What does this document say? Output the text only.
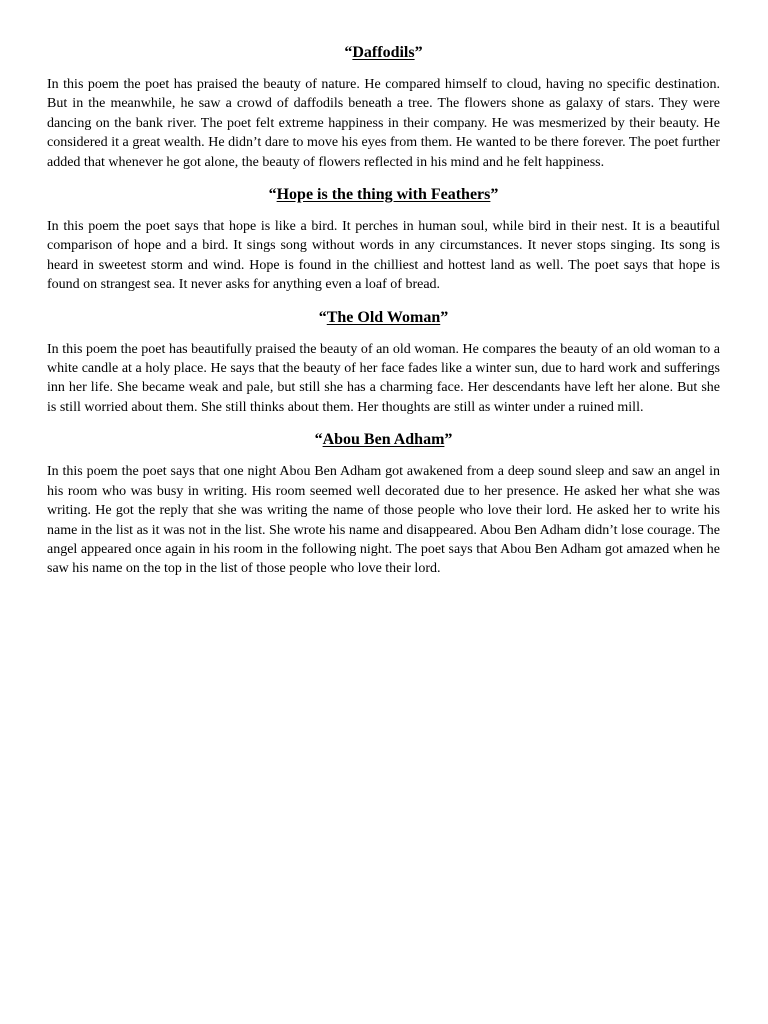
“Daffodils”

In this poem the poet has praised the beauty of nature. He compared himself to cloud, having no specific destination. But in the meanwhile, he saw a crowd of daffodils beneath a tree. The flowers shone as galaxy of stars. They were dancing on the bank river. The poet felt extreme happiness in their company. He was mesmerized by their beauty. He considered it a great wealth. He didn’t dare to move his eyes from them. He wanted to be there forever. The poet further added that whenever he got alone, the beauty of flowers reflected in his mind and he felt happiness.

“Hope is the thing with Feathers”

In this poem the poet says that hope is like a bird. It perches in human soul, while bird in their nest. It is a beautiful comparison of hope and a bird. It sings song without words in any circumstances. It never stops singing. Its song is heard in sweetest storm and wind. Hope is found in the chilliest and hottest land as well. The poet says that hope is found on strangest sea. It never asks for anything even a loaf of bread.

“The Old Woman”

In this poem the poet has beautifully praised the beauty of an old woman. He compares the beauty of an old woman to a white candle at a holy place. He says that the beauty of her face fades like a winter sun, due to hard work and sufferings inn her life. She became weak and pale, but still she has a charming face. Her descendants have left her alone. But she is still worried about them. She still thinks about them. Her thoughts are still as winter under a ruined mill.

“Abou Ben Adham”

In this poem the poet says that one night Abou Ben Adham got awakened from a deep sound sleep and saw an angel in his room who was busy in writing. His room seemed well decorated due to her presence. He asked her what she was writing. He got the reply that she was writing the name of those people who love their lord. He asked her to write his name in the list as it was not in the list. She wrote his name and disappeared. Abou Ben Adham didn’t lose courage. The angel appeared once again in his room in the following night. The poet says that Abou Ben Adham got amazed when he saw his name on the top in the list of those people who love their lord.
